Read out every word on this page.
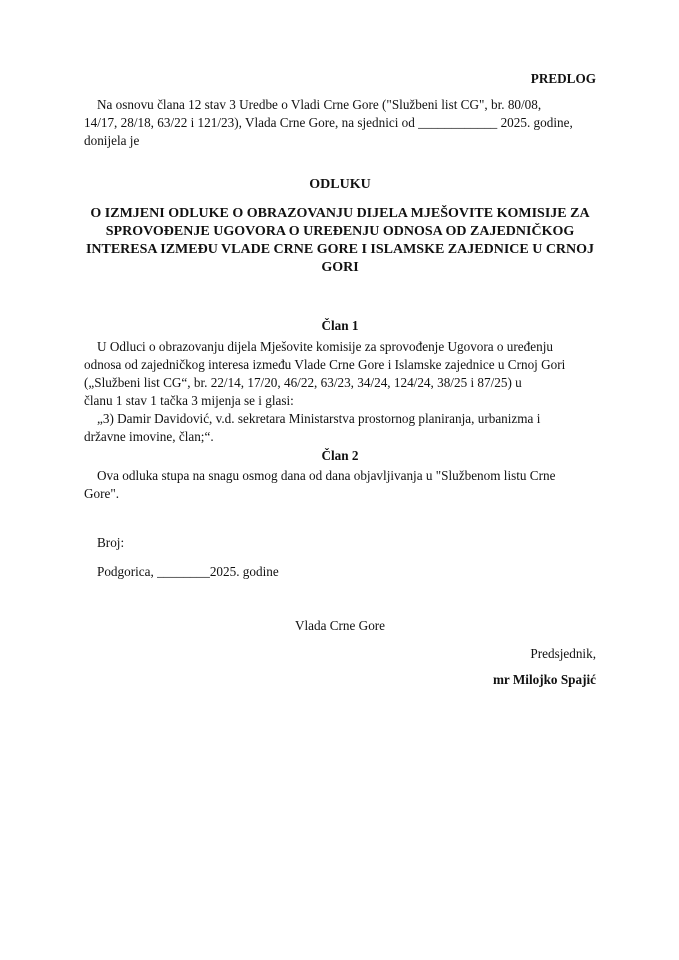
PREDLOG
Na osnovu člana 12 stav 3 Uredbe o Vladi Crne Gore ("Službeni list CG", br. 80/08,
14/17, 28/18, 63/22 i 121/23), Vlada Crne Gore, na sjednici od ____________ 2025. godine,
donijela je
ODLUKU
O IZMJENI ODLUKE O OBRAZOVANJU DIJELA MJEŠOVITE KOMISIJE ZA
SPROVOĐENJE UGOVORA O UREĐENJU ODNOSA OD ZAJEDNIČKOG
INTERESA IZMEĐU VLADE CRNE GORE I ISLAMSKE ZAJEDNICE U CRNOJ
GORI
Član 1
U Odluci o obrazovanju dijela Mješovite komisije za sprovođenje Ugovora o uređenju
odnosa od zajedničkog interesa između Vlade Crne Gore i Islamske zajednice u Crnoj Gori
(„Službeni list CG“, br. 22/14, 17/20, 46/22, 63/23, 34/24, 124/24, 38/25 i 87/25) u
članu 1 stav 1 tačka 3 mijenja se i glasi:
„3) Damir Davidović, v.d. sekretara Ministarstva prostornog planiranja, urbanizma i
državne imovine, član;“.
Član 2
Ova odluka stupa na snagu osmog dana od dana objavljivanja u "Službenom listu Crne
Gore".
Broj:
Podgorica, ________2025. godine
Vlada Crne Gore
Predsjednik,
mr Milojko Spajić
